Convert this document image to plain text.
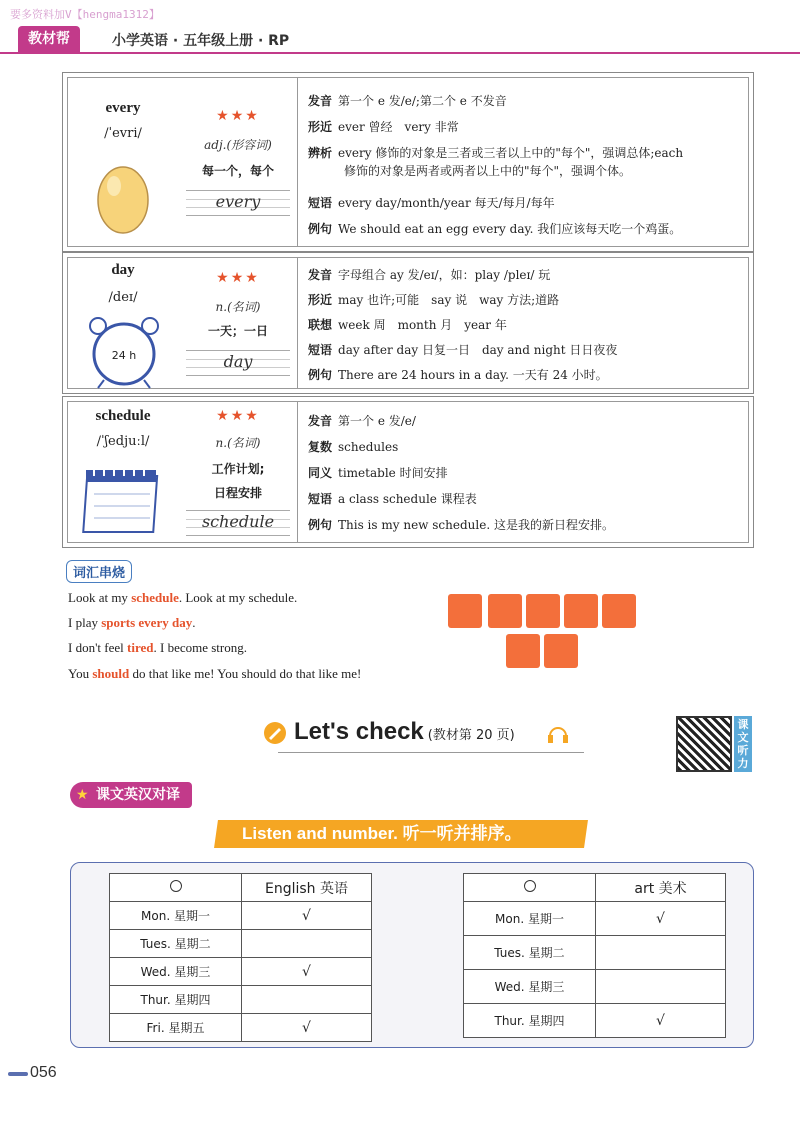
要多资料加V【hengma1312】
教材帮	小学英语 · 五年级上册 · RP
every
/ˈevri/
★★★
adj.(形容词)
每一个，每个
every
发音 第一个 e 发/e/;第二个 e 不发音
形近 ever 曾经　very 非常
辨析 every 修饰的对象是三者或三者以上中的"每个"，强调总体;each
修饰的对象是两者或两者以上中的"每个"，强调个体。
短语 every day/month/year 每天/每月/每年
例句 We should eat an egg every day. 我们应该每天吃一个鸡蛋。
day
/deɪ/
24 h
★★★
n.(名词)
一天；一日
day
发音 字母组合 ay 发/eɪ/，如：play /pleɪ/ 玩
形近 may 也许;可能　say 说　way 方法;道路
联想 week 周　month 月　year 年
短语 day after day 日复一日　day and night 日日夜夜
例句 There are 24 hours in a day. 一天有 24 小时。
schedule
/ˈʃedjuːl/
★★★
n.(名词)
工作计划;
日程安排
schedule
发音 第一个 e 发/e/
复数 schedules
同义 timetable 时间安排
短语 a class schedule 课程表
例句 This is my new schedule. 这是我的新日程安排。
词汇串烧
Look at my schedule. Look at my schedule.
I play sports every day.
I don't feel tired. I become strong.
You should do that like me! You should do that like me!
Let's check (教材第 20 页)
课文听力
★ 课文英汉对译
Listen and number. 听一听并排序。
	English 英语
Mon. 星期一	√
Tues. 星期二	
Wed. 星期三	√
Thur. 星期四	
Fri. 星期五	√
	art 美术
Mon. 星期一	√
Tues. 星期二	
Wed. 星期三	
Thur. 星期四	√
056
